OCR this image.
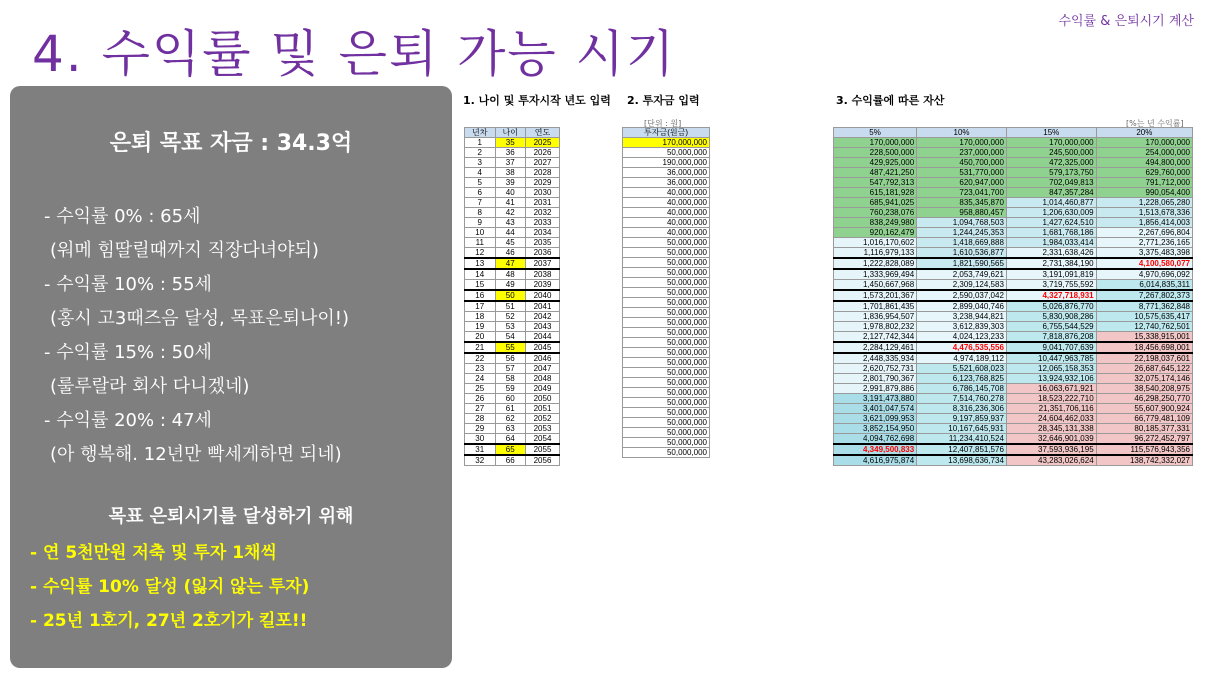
수익률 & 은퇴시기 계산
4. 수익률 및 은퇴 가능 시기
은퇴 목표 자금 : 34.3억
- 수익률 0% : 65세
(워메 힘딸릴때까지 직장다녀야되)
- 수익률 10% : 55세
(홍시 고3때즈음 달성, 목표은퇴나이!)
- 수익률 15% : 50세
(룰루랄라 회사 다니겠네)
- 수익률 20% : 47세
(아 행복해. 12년만 빡세게하면 되네)
목표 은퇴시기를 달성하기 위해
- 연 5천만원 저축 및 투자 1채씩
- 수익률 10% 달성 (잃지 않는 투자)
- 25년 1호기, 27년 2호기가 킬포!!
1. 나이 및 투자시작 년도 입력 2. 투자금 입력	3. 수익률에 따른 자산
[단위 : 원]	[%는 년 수익률]
년차	나이	연도
1	35	2025
2	36	2026
3	37	2027
4	38	2028
5	39	2029
6	40	2030
7	41	2031
8	42	2032
9	43	2033
10	44	2034
11	45	2035
12	46	2036
13	47	2037
14	48	2038
15	49	2039
16	50	2040
17	51	2041
18	52	2042
19	53	2043
20	54	2044
21	55	2045
22	56	2046
23	57	2047
24	58	2048
25	59	2049
26	60	2050
27	61	2051
28	62	2052
29	63	2053
30	64	2054
31	65	2055
32	66	2056
투자금(원금)
170,000,000
50,000,000
190,000,000
36,000,000
36,000,000
40,000,000
40,000,000
40,000,000
40,000,000
40,000,000
50,000,000
50,000,000
50,000,000
50,000,000
50,000,000
50,000,000
50,000,000
50,000,000
50,000,000
50,000,000
50,000,000
50,000,000
50,000,000
50,000,000
50,000,000
50,000,000
50,000,000
50,000,000
50,000,000
50,000,000
50,000,000
50,000,000
5%	10%	15%	20%
170,000,000	170,000,000	170,000,000	170,000,000
228,500,000	237,000,000	245,500,000	254,000,000
429,925,000	450,700,000	472,325,000	494,800,000
487,421,250	531,770,000	579,173,750	629,760,000
547,792,313	620,947,000	702,049,813	791,712,000
615,181,928	723,041,700	847,357,284	990,054,400
685,941,025	835,345,870	1,014,460,877	1,228,065,280
760,238,076	958,880,457	1,206,630,009	1,513,678,336
838,249,980	1,094,768,503	1,427,624,510	1,856,414,003
920,162,479	1,244,245,353	1,681,768,186	2,267,696,804
1,016,170,602	1,418,669,888	1,984,033,414	2,771,236,165
1,116,979,133	1,610,536,877	2,331,638,426	3,375,483,398
1,222,828,089	1,821,590,565	2,731,384,190	4,100,580,077
1,333,969,494	2,053,749,621	3,191,091,819	4,970,696,092
1,450,667,968	2,309,124,583	3,719,755,592	6,014,835,311
1,573,201,367	2,590,037,042	4,327,718,931	7,267,802,373
1,701,861,435	2,899,040,746	5,026,876,770	8,771,362,848
1,836,954,507	3,238,944,821	5,830,908,286	10,575,635,417
1,978,802,232	3,612,839,303	6,755,544,529	12,740,762,501
2,127,742,344	4,024,123,233	7,818,876,208	15,338,915,001
2,284,129,461	4,476,535,556	9,041,707,639	18,456,698,001
2,448,335,934	4,974,189,112	10,447,963,785	22,198,037,601
2,620,752,731	5,521,608,023	12,065,158,353	26,687,645,122
2,801,790,367	6,123,768,825	13,924,932,106	32,075,174,146
2,991,879,886	6,786,145,708	16,063,671,921	38,540,208,975
3,191,473,880	7,514,760,278	18,523,222,710	46,298,250,770
3,401,047,574	8,316,236,306	21,351,706,116	55,607,900,924
3,621,099,953	9,197,859,937	24,604,462,033	66,779,481,109
3,852,154,950	10,167,645,931	28,345,131,338	80,185,377,331
4,094,762,698	11,234,410,524	32,646,901,039	96,272,452,797
4,349,500,833	12,407,851,576	37,593,936,195	115,576,943,356
4,616,975,874	13,698,636,734	43,283,026,624	138,742,332,027
